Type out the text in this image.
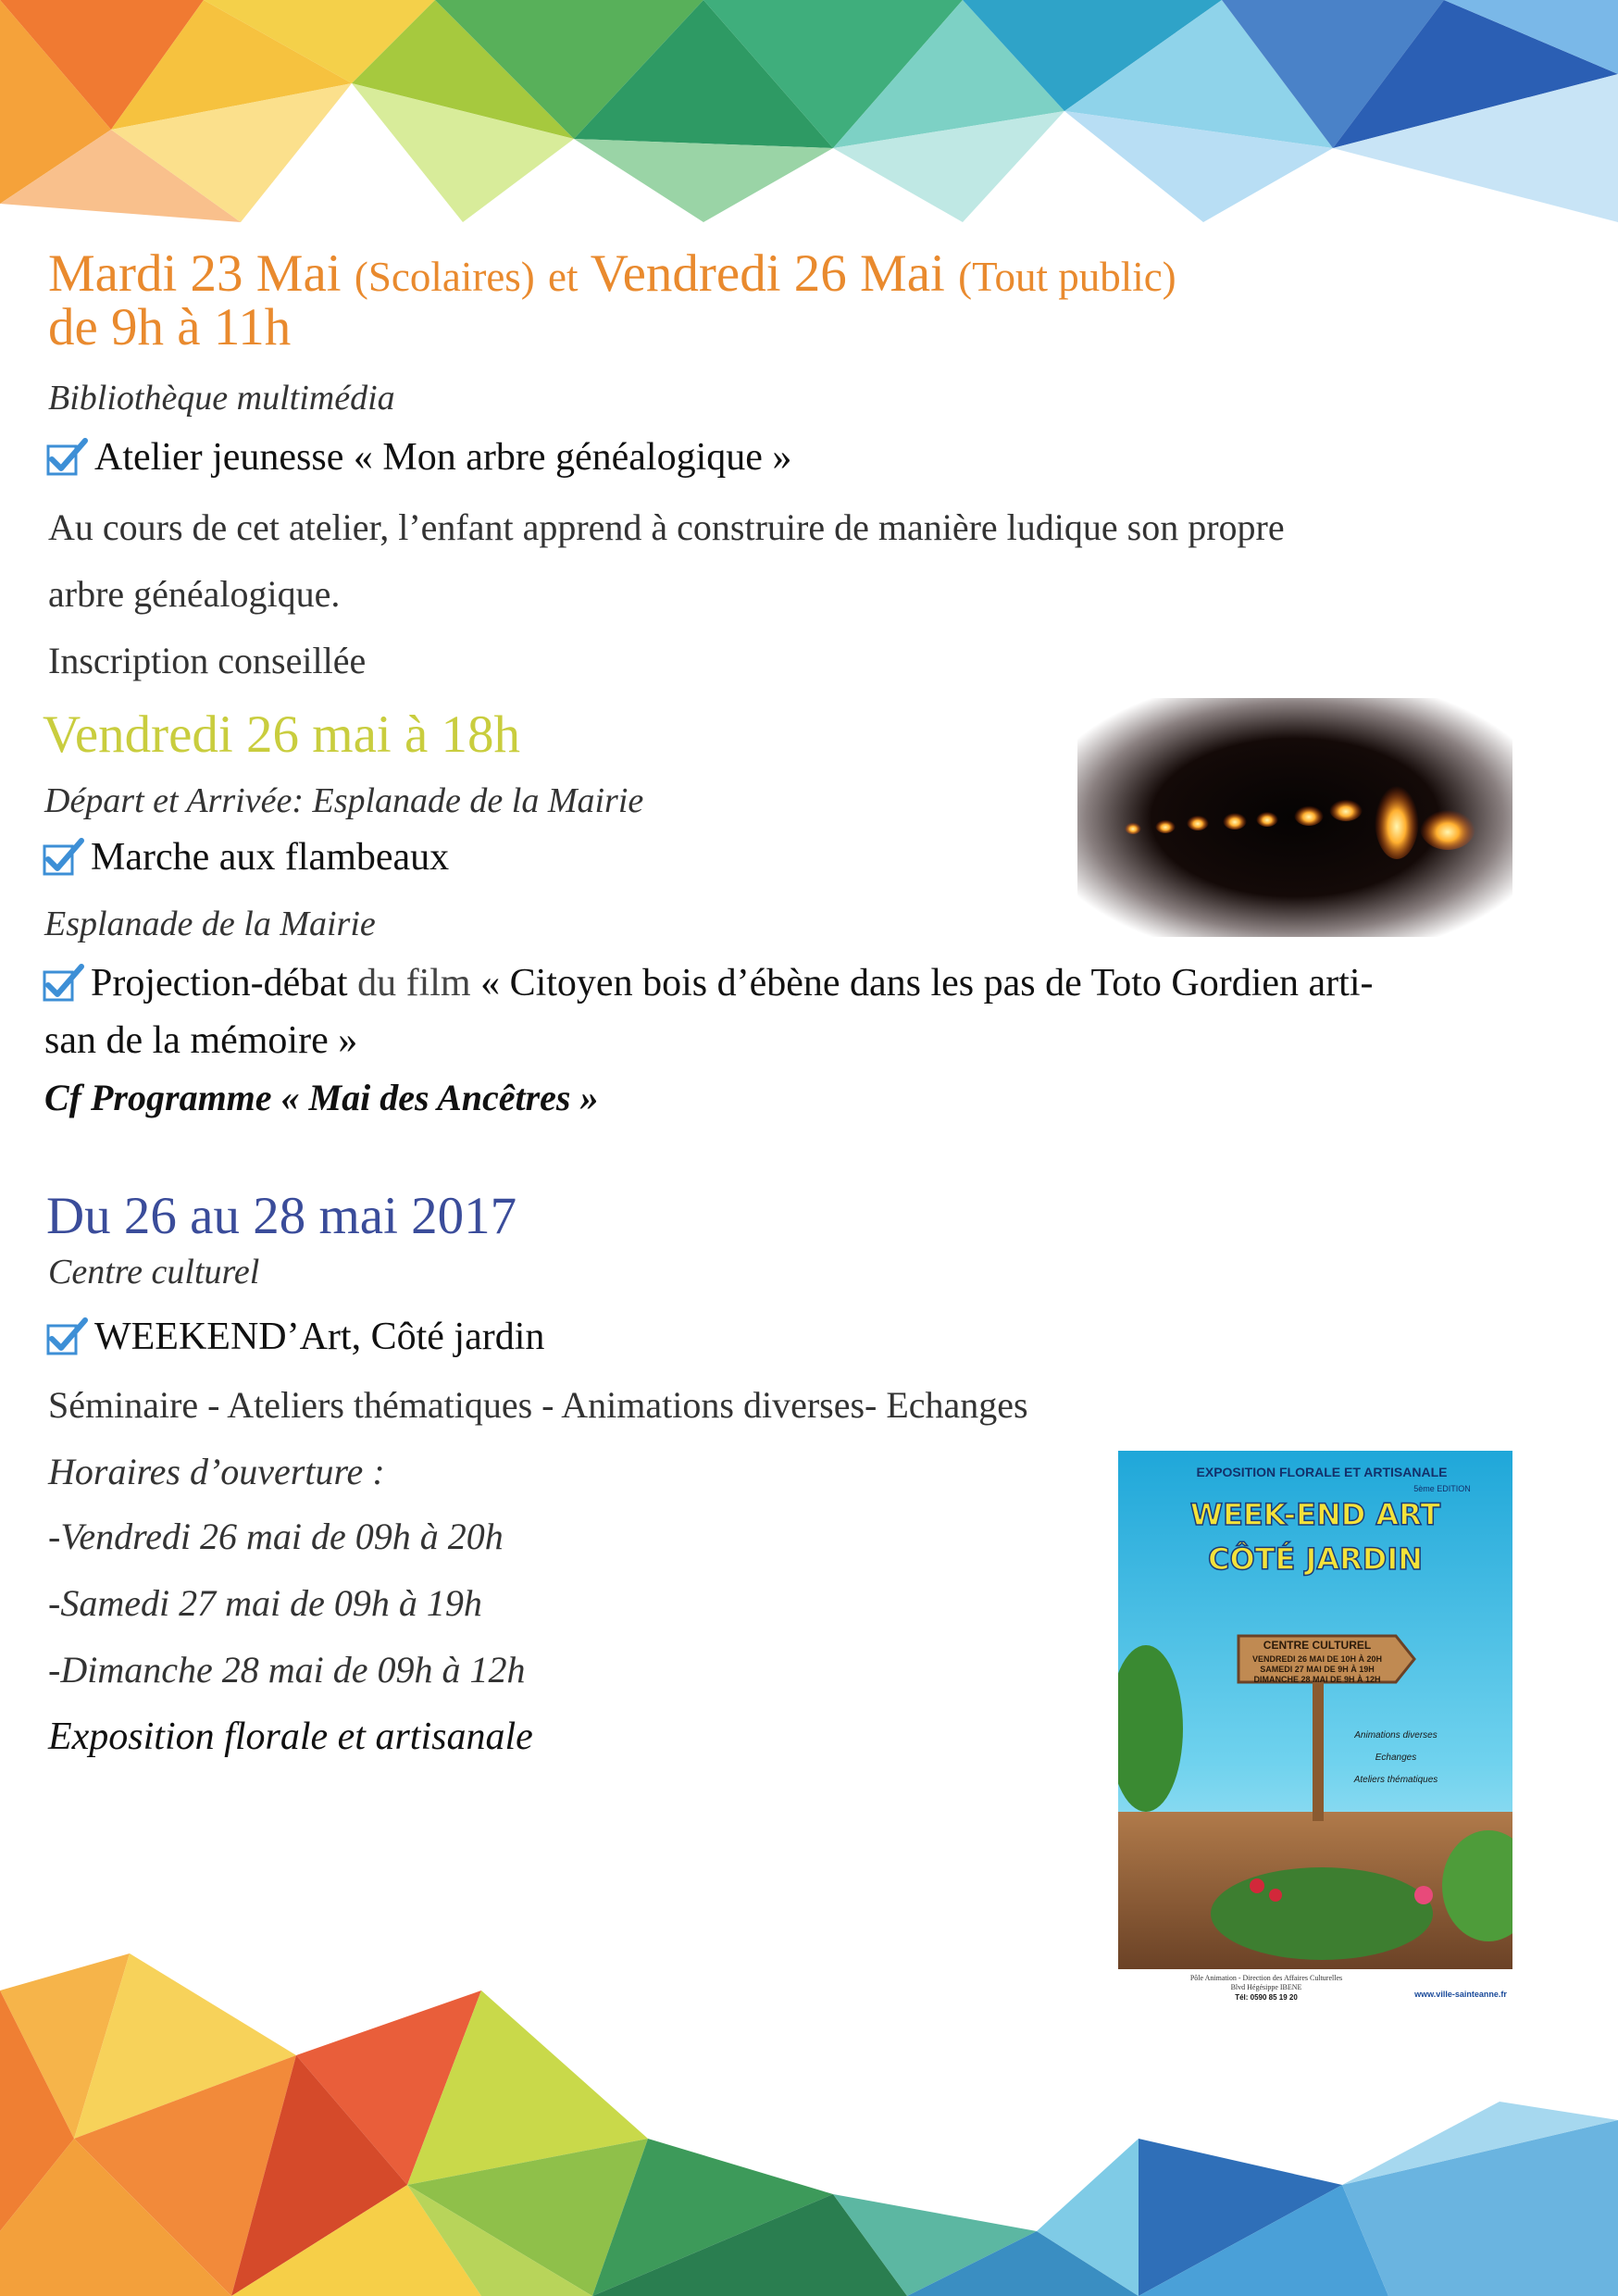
Mardi 23 Mai (Scolaires) et Vendredi 26 Mai (Tout public)
de 9h à 11h
Bibliothèque multimédia
Atelier jeunesse « Mon arbre généalogique »
Au cours de cet atelier, l’enfant apprend à construire de manière ludique son propre
arbre généalogique.
Inscription conseillée
Vendredi 26 mai à 18h
Départ et Arrivée: Esplanade de la Mairie
Marche aux flambeaux
Esplanade de la Mairie
Projection-débat du film « Citoyen bois d’ébène dans les pas de Toto Gordien arti-
san de la mémoire »
Cf Programme « Mai des Ancêtres »
Du 26 au 28 mai 2017
Centre culturel
WEEKEND’Art, Côté jardin
Séminaire - Ateliers thématiques - Animations diverses- Echanges
Horaires d’ouverture :
-Vendredi 26 mai de 09h à 20h
-Samedi 27 mai de 09h à 19h
-Dimanche 28 mai de 09h à 12h
Exposition florale et artisanale
EXPOSITION FLORALE ET ARTISANALE
5ème EDITION
WEEK-END ART
CÔTÉ JARDIN
CENTRE CULTUREL
VENDREDI 26 MAI DE 10H À 20H
SAMEDI 27 MAI DE 9H À 19H
DIMANCHE 28 MAI DE 9H À 12H
Animations diverses
Echanges
Ateliers thématiques
Pôle Animation - Direction des Affaires Culturelles
Blvd Hégésippe IBENE
Tél: 0590 85 19 20	www.ville-sainteanne.fr
